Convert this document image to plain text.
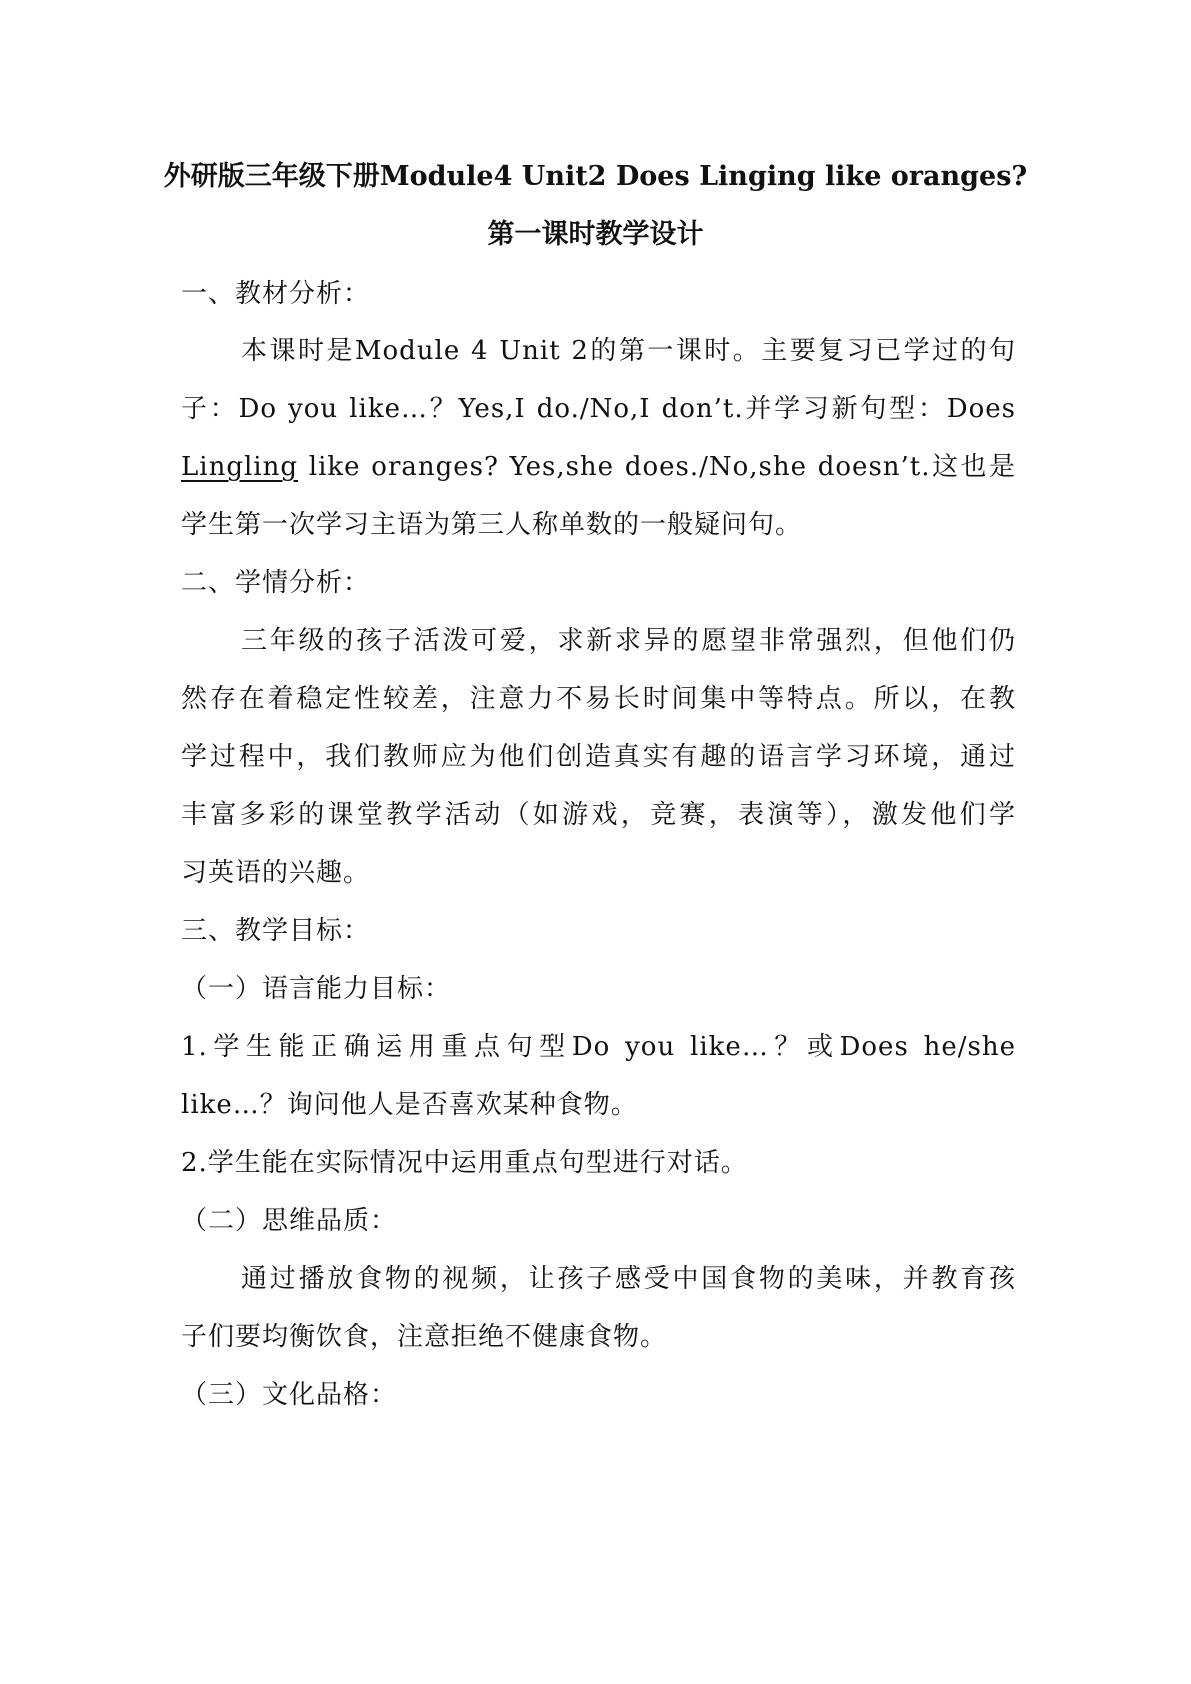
外研版三年级下册Module4 Unit2 Does Linging like oranges?
第一课时教学设计
一、教材分析：
本课时是Module 4 Unit 2的第一课时。主要复习已学过的句
子：Do you like…？Yes,I do./No,I don’t.并学习新句型：Does
Lingling like oranges? Yes,she does./No,she doesn’t.这也是
学生第一次学习主语为第三人称单数的一般疑问句。
二、学情分析：
三年级的孩子活泼可爱，求新求异的愿望非常强烈，但他们仍
然存在着稳定性较差，注意力不易长时间集中等特点。所以，在教
学过程中，我们教师应为他们创造真实有趣的语言学习环境，通过
丰富多彩的课堂教学活动（如游戏，竞赛，表演等），激发他们学
习英语的兴趣。
三、教学目标：
（一）语言能力目标：
1.学生能正确运用重点句型Do you like…？或Does he/she
like…？询问他人是否喜欢某种食物。
2.学生能在实际情况中运用重点句型进行对话。
（二）思维品质：
通过播放食物的视频，让孩子感受中国食物的美味，并教育孩
子们要均衡饮食，注意拒绝不健康食物。
（三）文化品格：
